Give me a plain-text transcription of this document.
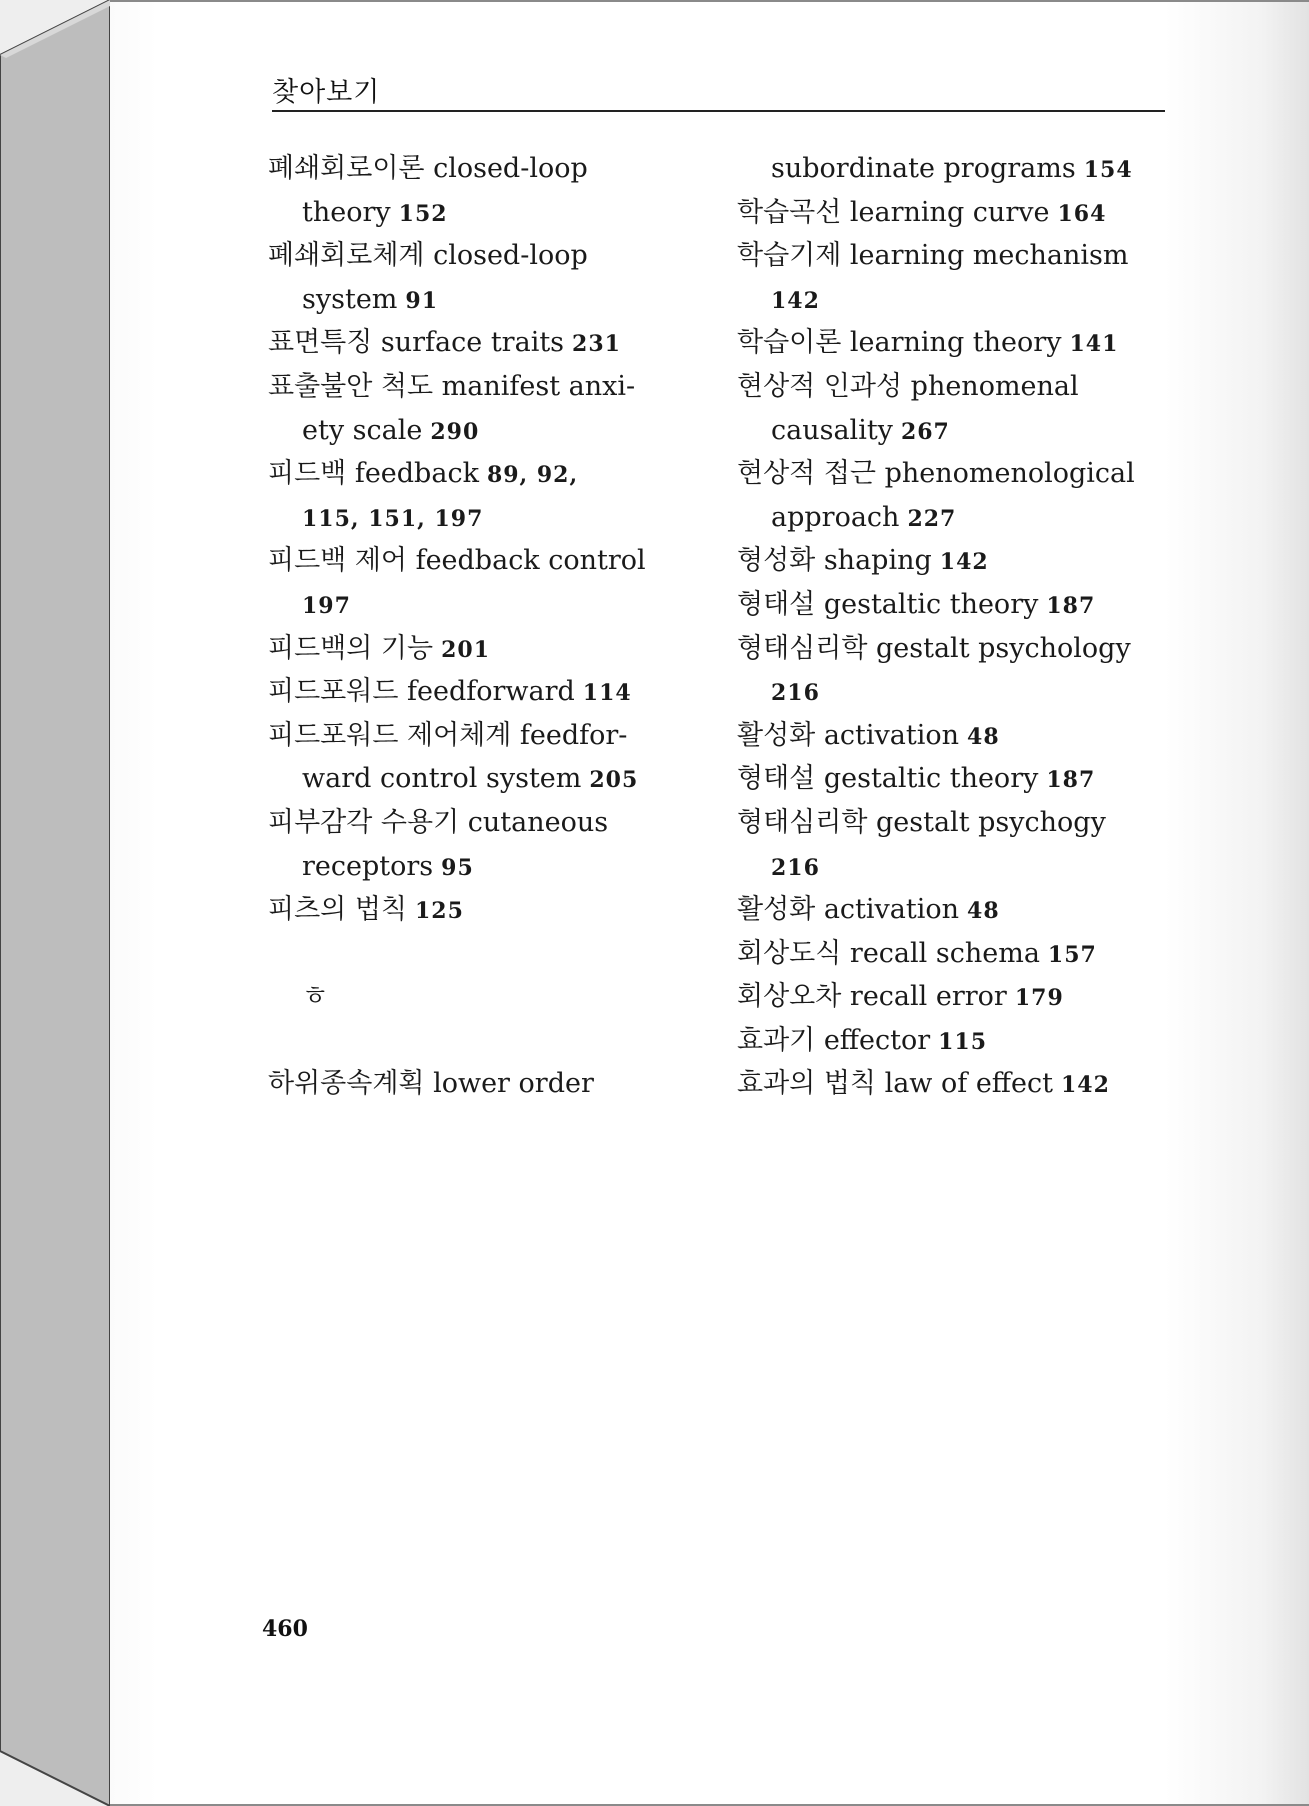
찾아보기
폐쇄회로이론 closed-loop
theory 152
폐쇄회로체계 closed-loop
system 91
표면특징 surface traits 231
표출불안 척도 manifest anxi-
ety scale 290
피드백 feedback 89, 92,
115, 151, 197
피드백 제어 feedback control
197
피드백의 기능 201
피드포워드 feedforward 114
피드포워드 제어체계 feedfor-
ward control system 205
피부감각 수용기 cutaneous
receptors 95
피츠의 법칙 125
ㅎ
하위종속계획 lower order
subordinate programs 154
학습곡선 learning curve 164
학습기제 learning mechanism
142
학습이론 learning theory 141
현상적 인과성 phenomenal
causality 267
현상적 접근 phenomenological
approach 227
형성화 shaping 142
형태설 gestaltic theory 187
형태심리학 gestalt psychology
216
활성화 activation 48
형태설 gestaltic theory 187
형태심리학 gestalt psychogy
216
활성화 activation 48
회상도식 recall schema 157
회상오차 recall error 179
효과기 effector 115
효과의 법칙 law of effect 142
460
